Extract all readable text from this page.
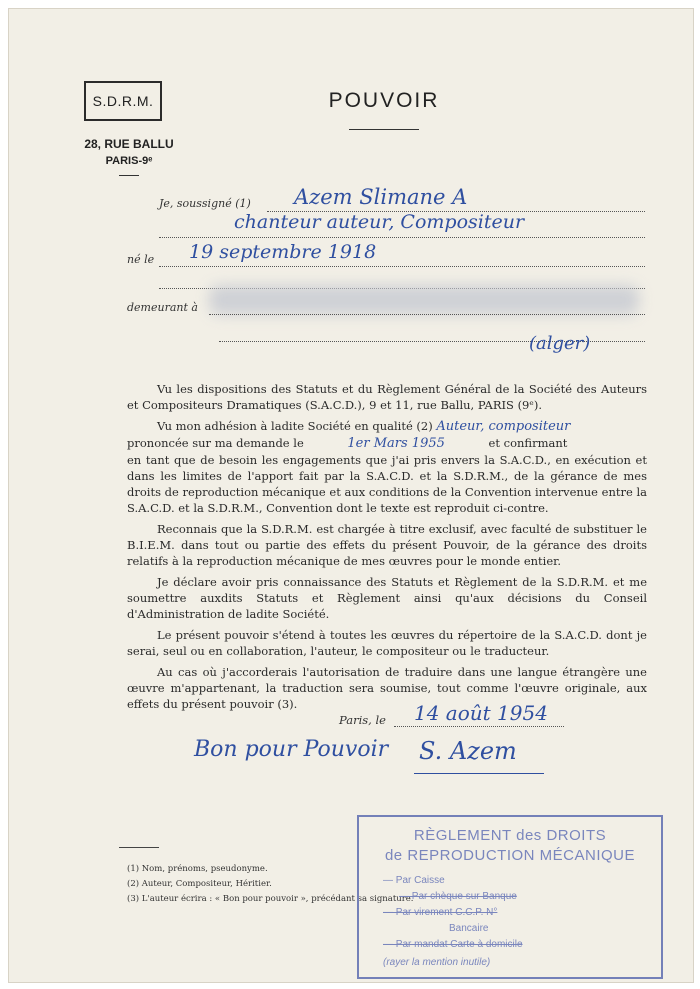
S.D.R.M.
28, RUE BALLU
PARIS-9ᵉ
POUVOIR
Je, soussigné (1) Azem Slimane A
chanteur auteur, Compositeur
né le 19 septembre 1918
demeurant à
(alger)

Vu les dispositions des Statuts et du Règlement Général de la Société des Auteurs et Compositeurs Dramatiques (S.A.C.D.), 9 et 11, rue Ballu, PARIS (9ᵉ).

Vu mon adhésion à ladite Société en qualité (2) Auteur, compositeur

prononcée sur ma demande le	1er Mars 1955	et confirmant

en tant que de besoin les engagements que j'ai pris envers la S.A.C.D., en exécution et dans les limites de l'apport fait par la S.A.C.D. et la S.D.R.M., de la gérance de mes droits de reproduction mécanique et aux conditions de la Convention intervenue entre la S.A.C.D. et la S.D.R.M., Convention dont le texte est reproduit ci-contre.

Reconnais que la S.D.R.M. est chargée à titre exclusif, avec faculté de substituer le B.I.E.M. dans tout ou partie des effets du présent Pouvoir, de la gérance des droits relatifs à la reproduction mécanique de mes œuvres pour le monde entier.

Je déclare avoir pris connaissance des Statuts et Règlement de la S.D.R.M. et me soumettre auxdits Statuts et Règlement ainsi qu'aux décisions du Conseil d'Administration de ladite Société.

Le présent pouvoir s'étend à toutes les œuvres du répertoire de la S.A.C.D. dont je serai, seul ou en collaboration, l'auteur, le compositeur ou le traducteur.

Au cas où j'accorderais l'autorisation de traduire dans une langue étrangère une œuvre m'appartenant, la traduction sera soumise, tout comme l'œuvre originale, aux effets du présent pouvoir (3).

Paris, le 14 août 1954
Bon pour Pouvoir S. Azem
(1) Nom, prénoms, pseudonyme.
(2) Auteur, Compositeur, Héritier.
(3) L'auteur écrira : « Bon pour pouvoir », précédant sa signature.
RÈGLEMENT des DROITS
de REPRODUCTION MÉCANIQUE
— Par Caisse
— Par chèque sur Banque
— Par virement C.C.P. N°
Bancaire
— Par mandat Carte à domicile
(rayer la mention inutile)
